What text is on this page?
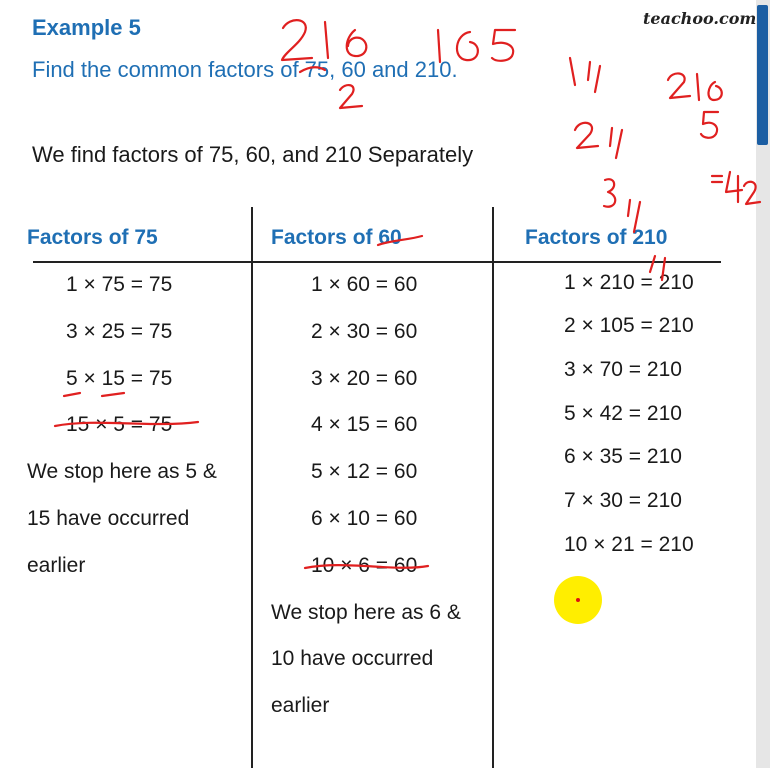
Example 5
Find the common factors of 75, 60 and 210.
teachoo.com
We find factors of 75, 60, and 210 Separately
Factors of 75	Factors of 60	Factors of 210
1 × 75 = 75
3 × 25 = 75
5 × 15 = 75
15 × 5 = 75
We stop here as 5 &
15 have occurred
earlier
1 × 60 = 60
2 × 30 = 60
3 × 20 = 60
4 × 15 = 60
5 × 12 = 60
6 × 10 = 60
10 × 6 = 60
We stop here as 6 &
10 have occurred
earlier
1 × 210 = 210
2 × 105 = 210
3 × 70 = 210
5 × 42 = 210
6 × 35 = 210
7 × 30 = 210
10 × 21 = 210
